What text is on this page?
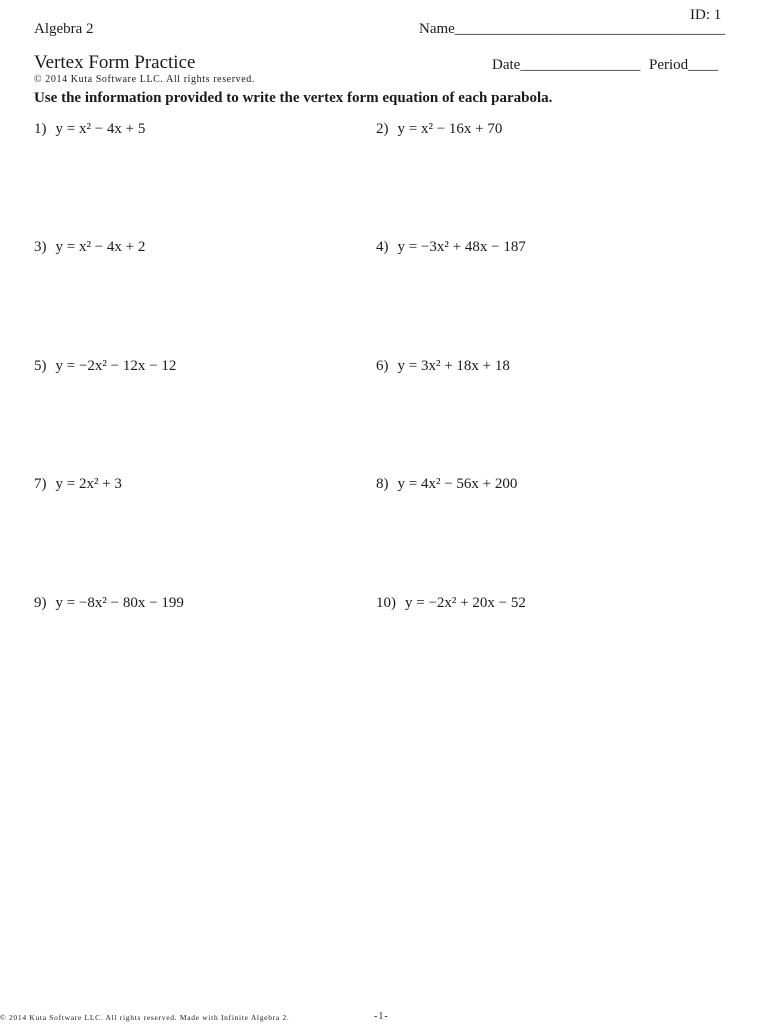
ID: 1
Algebra 2	Name____________________________________
Vertex Form Practice	Date________________ Period____
© 2014 Kuta Software LLC. All rights reserved.
Use the information provided to write the vertex form equation of each parabola.
1) y = x² − 4x + 5	2) y = x² − 16x + 70
3) y = x² − 4x + 2	4) y = −3x² + 48x − 187
5) y = −2x² − 12x − 12	6) y = 3x² + 18x + 18
7) y = 2x² + 3	8) y = 4x² − 56x + 200
9) y = −8x² − 80x − 199	10) y = −2x² + 20x − 52
© 2014 Kuta Software LLC. All rights reserved. Made with Infinite Algebra 2.	-1-
